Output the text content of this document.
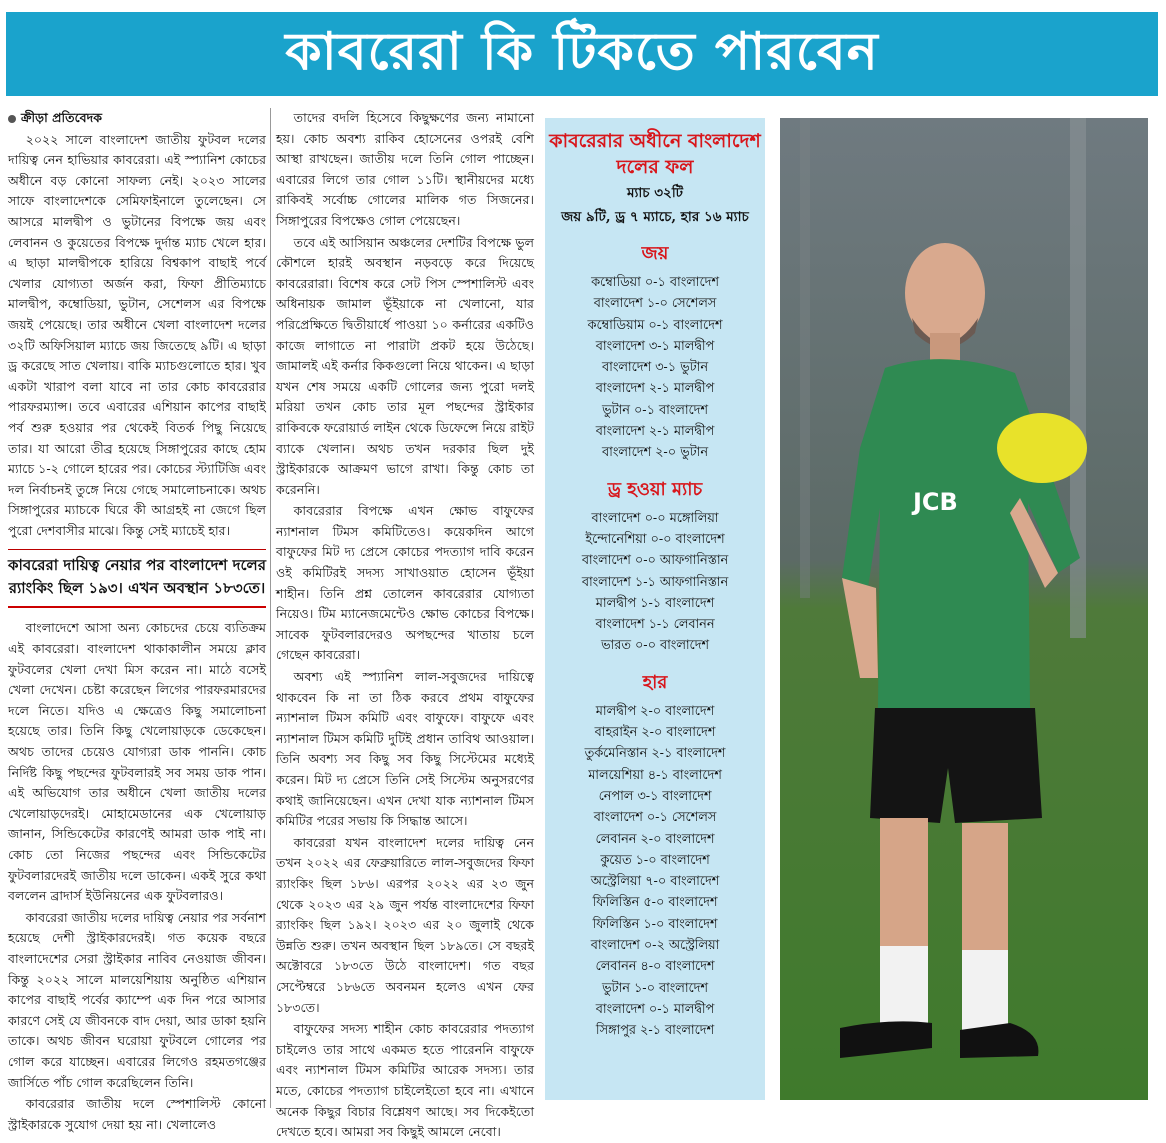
কাবরেরা কি টিকতে পারবেন
ক্রীড়া প্রতিবেদক

২০২২ সালে বাংলাদেশ জাতীয় ফুটবল দলের দায়িত্ব নেন হাভিয়ার কাবরেরা। এই স্প্যানিশ কোচের অধীনে বড় কোনো সাফল্য নেই। ২০২৩ সালের সাফে বাংলাদেশকে সেমিফাইনালে তুলেছেন। সে আসরে মালদ্বীপ ও ভুটানের বিপক্ষে জয় এবং লেবানন ও কুয়েতের বিপক্ষে দুর্দান্ত ম্যাচ খেলে হার। এ ছাড়া মালদ্বীপকে হারিয়ে বিশ্বকাপ বাছাই পর্বে খেলার যোগ্যতা অর্জন করা, ফিফা প্রীতিম্যাচে মালদ্বীপ, কম্বোডিয়া, ভুটান, সেশেলস এর বিপক্ষে জয়ই পেয়েছে। তার অধীনে খেলা বাংলাদেশ দলের ৩২টি অফিসিয়াল ম্যাচে জয় জিতেছে ৯টি। এ ছাড়া ড্র করেছে সাত খেলায়। বাকি ম্যাচগুলোতে হার। খুব একটা খারাপ বলা যাবে না তার কোচ কাবরেরার পারফরম্যান্স। তবে এবারের এশিয়ান কাপের বাছাই পর্ব শুরু হওয়ার পর থেকেই বিতর্ক পিছু নিয়েছে তার। যা আরো তীব্র হয়েছে সিঙ্গাপুরের কাছে হোম ম্যাচে ১-২ গোলে হারের পর। কোচের স্ট্যাটিজি এবং দল নির্বাচনই তুঙ্গে নিয়ে গেছে সমালোচনাকে। অথচ সিঙ্গাপুরের ম্যাচকে ঘিরে কী আগ্রহই না জেগে ছিল পুরো দেশবাসীর মাঝে। কিন্তু সেই ম্যাচেই হার।

কাবরেরা দায়িত্ব নেয়ার পর বাংলাদেশ দলের র‍্যাংকিং ছিল ১৯৩। এখন অবস্থান ১৮৩তে।

বাংলাদেশে আসা অন্য কোচদের চেয়ে ব্যতিক্রম এই কাবরেরা। বাংলাদেশ থাকাকালীন সময়ে ক্লাব ফুটবলের খেলা দেখা মিস করেন না। মাঠে বসেই খেলা দেখেন। চেষ্টা করেছেন লিগের পারফরমারদের দলে নিতে। যদিও এ ক্ষেত্রেও কিছু সমালোচনা হয়েছে তার। তিনি কিছু খেলোয়াড়কে ডেকেছেন। অথচ তাদের চেয়েও যোগ্যরা ডাক পাননি। কোচ নির্দিষ্ট কিছু পছন্দের ফুটবলারই সব সময় ডাক পান। এই অভিযোগ তার অধীনে খেলা জাতীয় দলের খেলোয়াড়দেরই। মোহামেডানের এক খেলোয়াড় জানান, সিন্ডিকেটের কারণেই আমরা ডাক পাই না। কোচ তো নিজের পছন্দের এবং সিন্ডিকেটের ফুটবলারদেরই জাতীয় দলে ডাকেন। একই সুরে কথা বললেন ব্রাদার্স ইউনিয়নের এক ফুটবলারও।

কাবরেরা জাতীয় দলের দায়িত্ব নেয়ার পর সর্বনাশ হয়েছে দেশী স্ট্রাইকারদেরই। গত কয়েক বছরে বাংলাদেশের সেরা স্ট্রাইকার নাবিব নেওয়াজ জীবন। কিন্তু ২০২২ সালে মালয়েশিয়ায় অনুষ্ঠিত এশিয়ান কাপের বাছাই পর্বের ক্যাম্পে এক দিন পরে আসার কারণে সেই যে জীবনকে বাদ দেয়া, আর ডাকা হয়নি তাকে। অথচ জীবন ঘরোয়া ফুটবলে গোলের পর গোল করে যাচ্ছেন। এবারের লিগেও রহমতগঞ্জের জার্সিতে পাঁচ গোল করেছিলেন তিনি।

কাবরেরার জাতীয় দলে স্পেশালিস্ট কোনো স্ট্রাইকারকে সুযোগ দেয়া হয় না। খেলালেও

তাদের বদলি হিসেবে কিছুক্ষণের জন্য নামানো হয়। কোচ অবশ্য রাকিব হোসেনের ওপরই বেশি আস্থা রাখছেন। জাতীয় দলে তিনি গোল পাচ্ছেন। এবারের লিগে তার গোল ১১টি। স্থানীয়দের মধ্যে রাকিবই সর্বোচ্চ গোলের মালিক গত সিজনের। সিঙ্গাপুরের বিপক্ষেও গোল পেয়েছেন।

তবে এই আসিয়ান অঞ্চলের দেশটির বিপক্ষে ভুল কৌশলে হারই অবস্থান নড়বড়ে করে দিয়েছে কাবরেরারা। বিশেষ করে সেট পিস স্পেশালিস্ট এবং অধিনায়ক জামাল ভূঁইয়াকে না খেলানো, যার পরিপ্রেক্ষিতে দ্বিতীয়ার্ধে পাওয়া ১০ কর্নারের একটিও কাজে লাগাতে না পারাটা প্রকট হয়ে উঠেছে। জামালই এই কর্নার কিকগুলো নিয়ে থাকেন। এ ছাড়া যখন শেষ সময়ে একটি গোলের জন্য পুরো দলই মরিয়া তখন কোচ তার মূল পছন্দের স্ট্রাইকার রাকিবকে ফরোয়ার্ড লাইন থেকে ডিফেন্সে নিয়ে রাইট ব্যাকে খেলান। অথচ তখন দরকার ছিল দুই স্ট্রাইকারকে আক্রমণ ভাগে রাখা। কিন্তু কোচ তা করেননি।

কাবরেরার বিপক্ষে এখন ক্ষোভ বাফুফের ন্যাশনাল টিমস কমিটিতেও। কয়েকদিন আগে বাফুফের মিট দ্য প্রেসে কোচের পদত্যাগ দাবি করেন ওই কমিটিরই সদস্য সাখাওয়াত হোসেন ভূঁইয়া শাহীন। তিনি প্রশ্ন তোলেন কাবরেরার যোগ্যতা নিয়েও। টিম ম্যানেজমেন্টেও ক্ষোভ কোচের বিপক্ষে। সাবেক ফুটবলারদেরও অপছন্দের খাতায় চলে গেছেন কাবরেরা।

অবশ্য এই স্প্যানিশ লাল-সবুজদের দায়িত্বে থাকবেন কি না তা ঠিক করবে প্রথম বাফুফের ন্যাশনাল টিমস কমিটি এবং বাফুফে। বাফুফে এবং ন্যাশনাল টিমস কমিটি দুটিই প্রধান তাবিথ আওয়াল। তিনি অবশ্য সব কিছু সব কিছু সিস্টেমের মধ্যেই করেন। মিট দ্য প্রেসে তিনি সেই সিস্টেম অনুসরণের কথাই জানিয়েছেন। এখন দেখা যাক ন্যাশনাল টিমস কমিটির পরের সভায় কি সিদ্ধান্ত আসে।

কাবরেরা যখন বাংলাদেশ দলের দায়িত্ব নেন তখন ২০২২ এর ফেব্রুয়ারিতে লাল-সবুজদের ফিফা র‍্যাংকিং ছিল ১৮৬। এরপর ২০২২ এর ২৩ জুন থেকে ২০২৩ এর ২৯ জুন পর্যন্ত বাংলাদেশের ফিফা র‍্যাংকিং ছিল ১৯২। ২০২৩ এর ২০ জুলাই থেকে উন্নতি শুরু। তখন অবস্থান ছিল ১৮৯তে। সে বছরই অক্টোবরে ১৮৩তে উঠে বাংলাদেশ। গত বছর সেপ্টেম্বরে ১৮৬তে অবনমন হলেও এখন ফের ১৮৩তে।

বাফুফের সদস্য শাহীন কোচ কাবরেরার পদত্যাগ চাইলেও তার সাথে একমত হতে পারেননি বাফুফে এবং ন্যাশনাল টিমস কমিটির আরেক সদস্য। তার মতে, কোচের পদত্যাগ চাইলেইতো হবে না। এখানে অনেক কিছুর বিচার বিশ্লেষণ আছে। সব দিকেইতো দেখতে হবে। আমরা সব কিছুই আমলে নেবো।

কাবরেরার অধীনে বাংলাদেশ দলের ফল
ম্যাচ ৩২টি
জয় ৯টি, ড্র ৭ ম্যাচে, হার ১৬ ম্যাচ
জয়
কম্বোডিয়া ০-১ বাংলাদেশ
বাংলাদেশ ১-০ সেশেলস
কম্বোডিয়াম ০-১ বাংলাদেশ
বাংলাদেশ ৩-১ মালদ্বীপ
বাংলাদেশ ৩-১ ভুটান
বাংলাদেশ ২-১ মালদ্বীপ
ভুটান ০-১ বাংলাদেশ
বাংলাদেশ ২-১ মালদ্বীপ
বাংলাদেশ ২-০ ভুটান
ড্র হওয়া ম্যাচ
বাংলাদেশ ০-০ মঙ্গোলিয়া
ইন্দোনেশিয়া ০-০ বাংলাদেশ
বাংলাদেশ ০-০ আফগানিস্তান
বাংলাদেশ ১-১ আফগানিস্তান
মালদ্বীপ ১-১ বাংলাদেশ
বাংলাদেশ ১-১ লেবানন
ভারত ০-০ বাংলাদেশ
হার
মালদ্বীপ ২-০ বাংলাদেশ
বাহরাইন ২-০ বাংলাদেশ
তুর্কমেনিস্তান ২-১ বাংলাদেশ
মালয়েশিয়া ৪-১ বাংলাদেশ
নেপাল ৩-১ বাংলাদেশ
বাংলাদেশ ০-১ সেশেলস
লেবানন ২-০ বাংলাদেশ
কুয়েত ১-০ বাংলাদেশ
অস্ট্রেলিয়া ৭-০ বাংলাদেশ
ফিলিস্তিন ৫-০ বাংলাদেশ
ফিলিস্তিন ১-০ বাংলাদেশ
বাংলাদেশ ০-২ অস্ট্রেলিয়া
লেবানন ৪-০ বাংলাদেশ
ভুটান ১-০ বাংলাদেশ
বাংলাদেশ ০-১ মালদ্বীপ
সিঙ্গাপুর ২-১ বাংলাদেশ
JCB
